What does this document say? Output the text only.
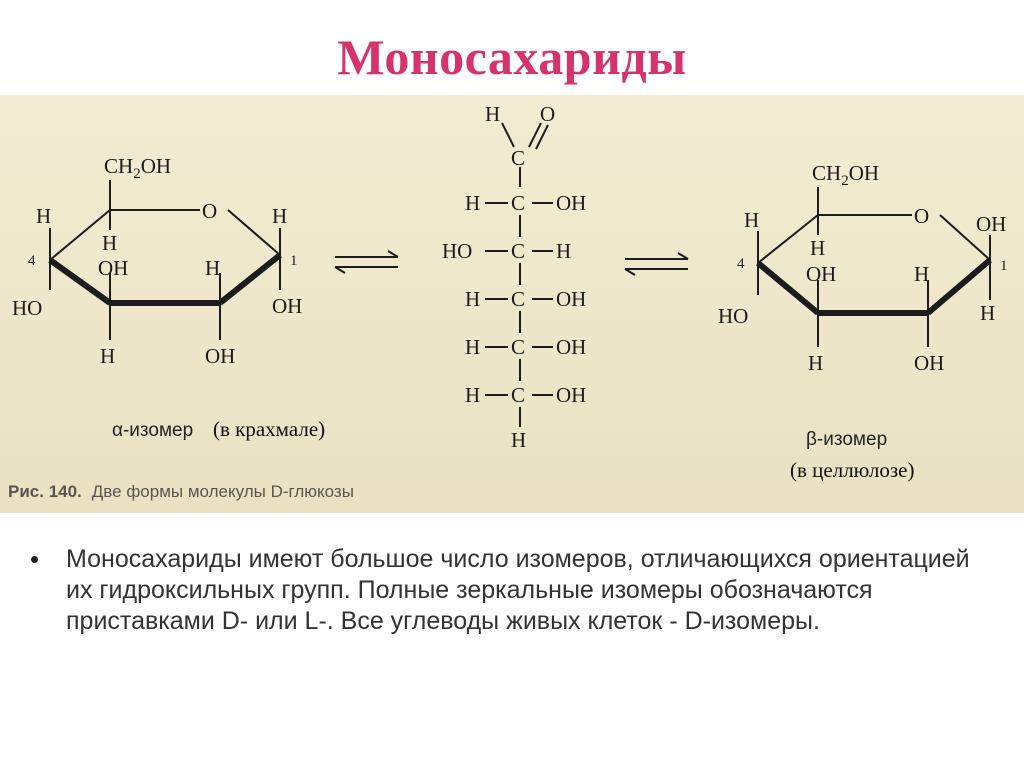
Моносахариды
$CH_2OH$
O
H	H
4	1
H
OH	H
HO	OH
H	OH
H O
C
H C OH
HO C H
H C OH
H C OH
H C OH
H
$CH_2OH$
O
H	OH
4	1
H
OH	H
HO	H
H	OH
α-изомер (в крахмале)	β-изомер
(в целлюлозе)
Рис. 140. Две формы молекулы D-глюкозы
• Моносахариды имеют большое число изомеров, отличающихся ориентацией их гидроксильных групп. Полные зеркальные изомеры обозначаются приставками D- или L-. Все углеводы живых клеток - D-изомеры.
